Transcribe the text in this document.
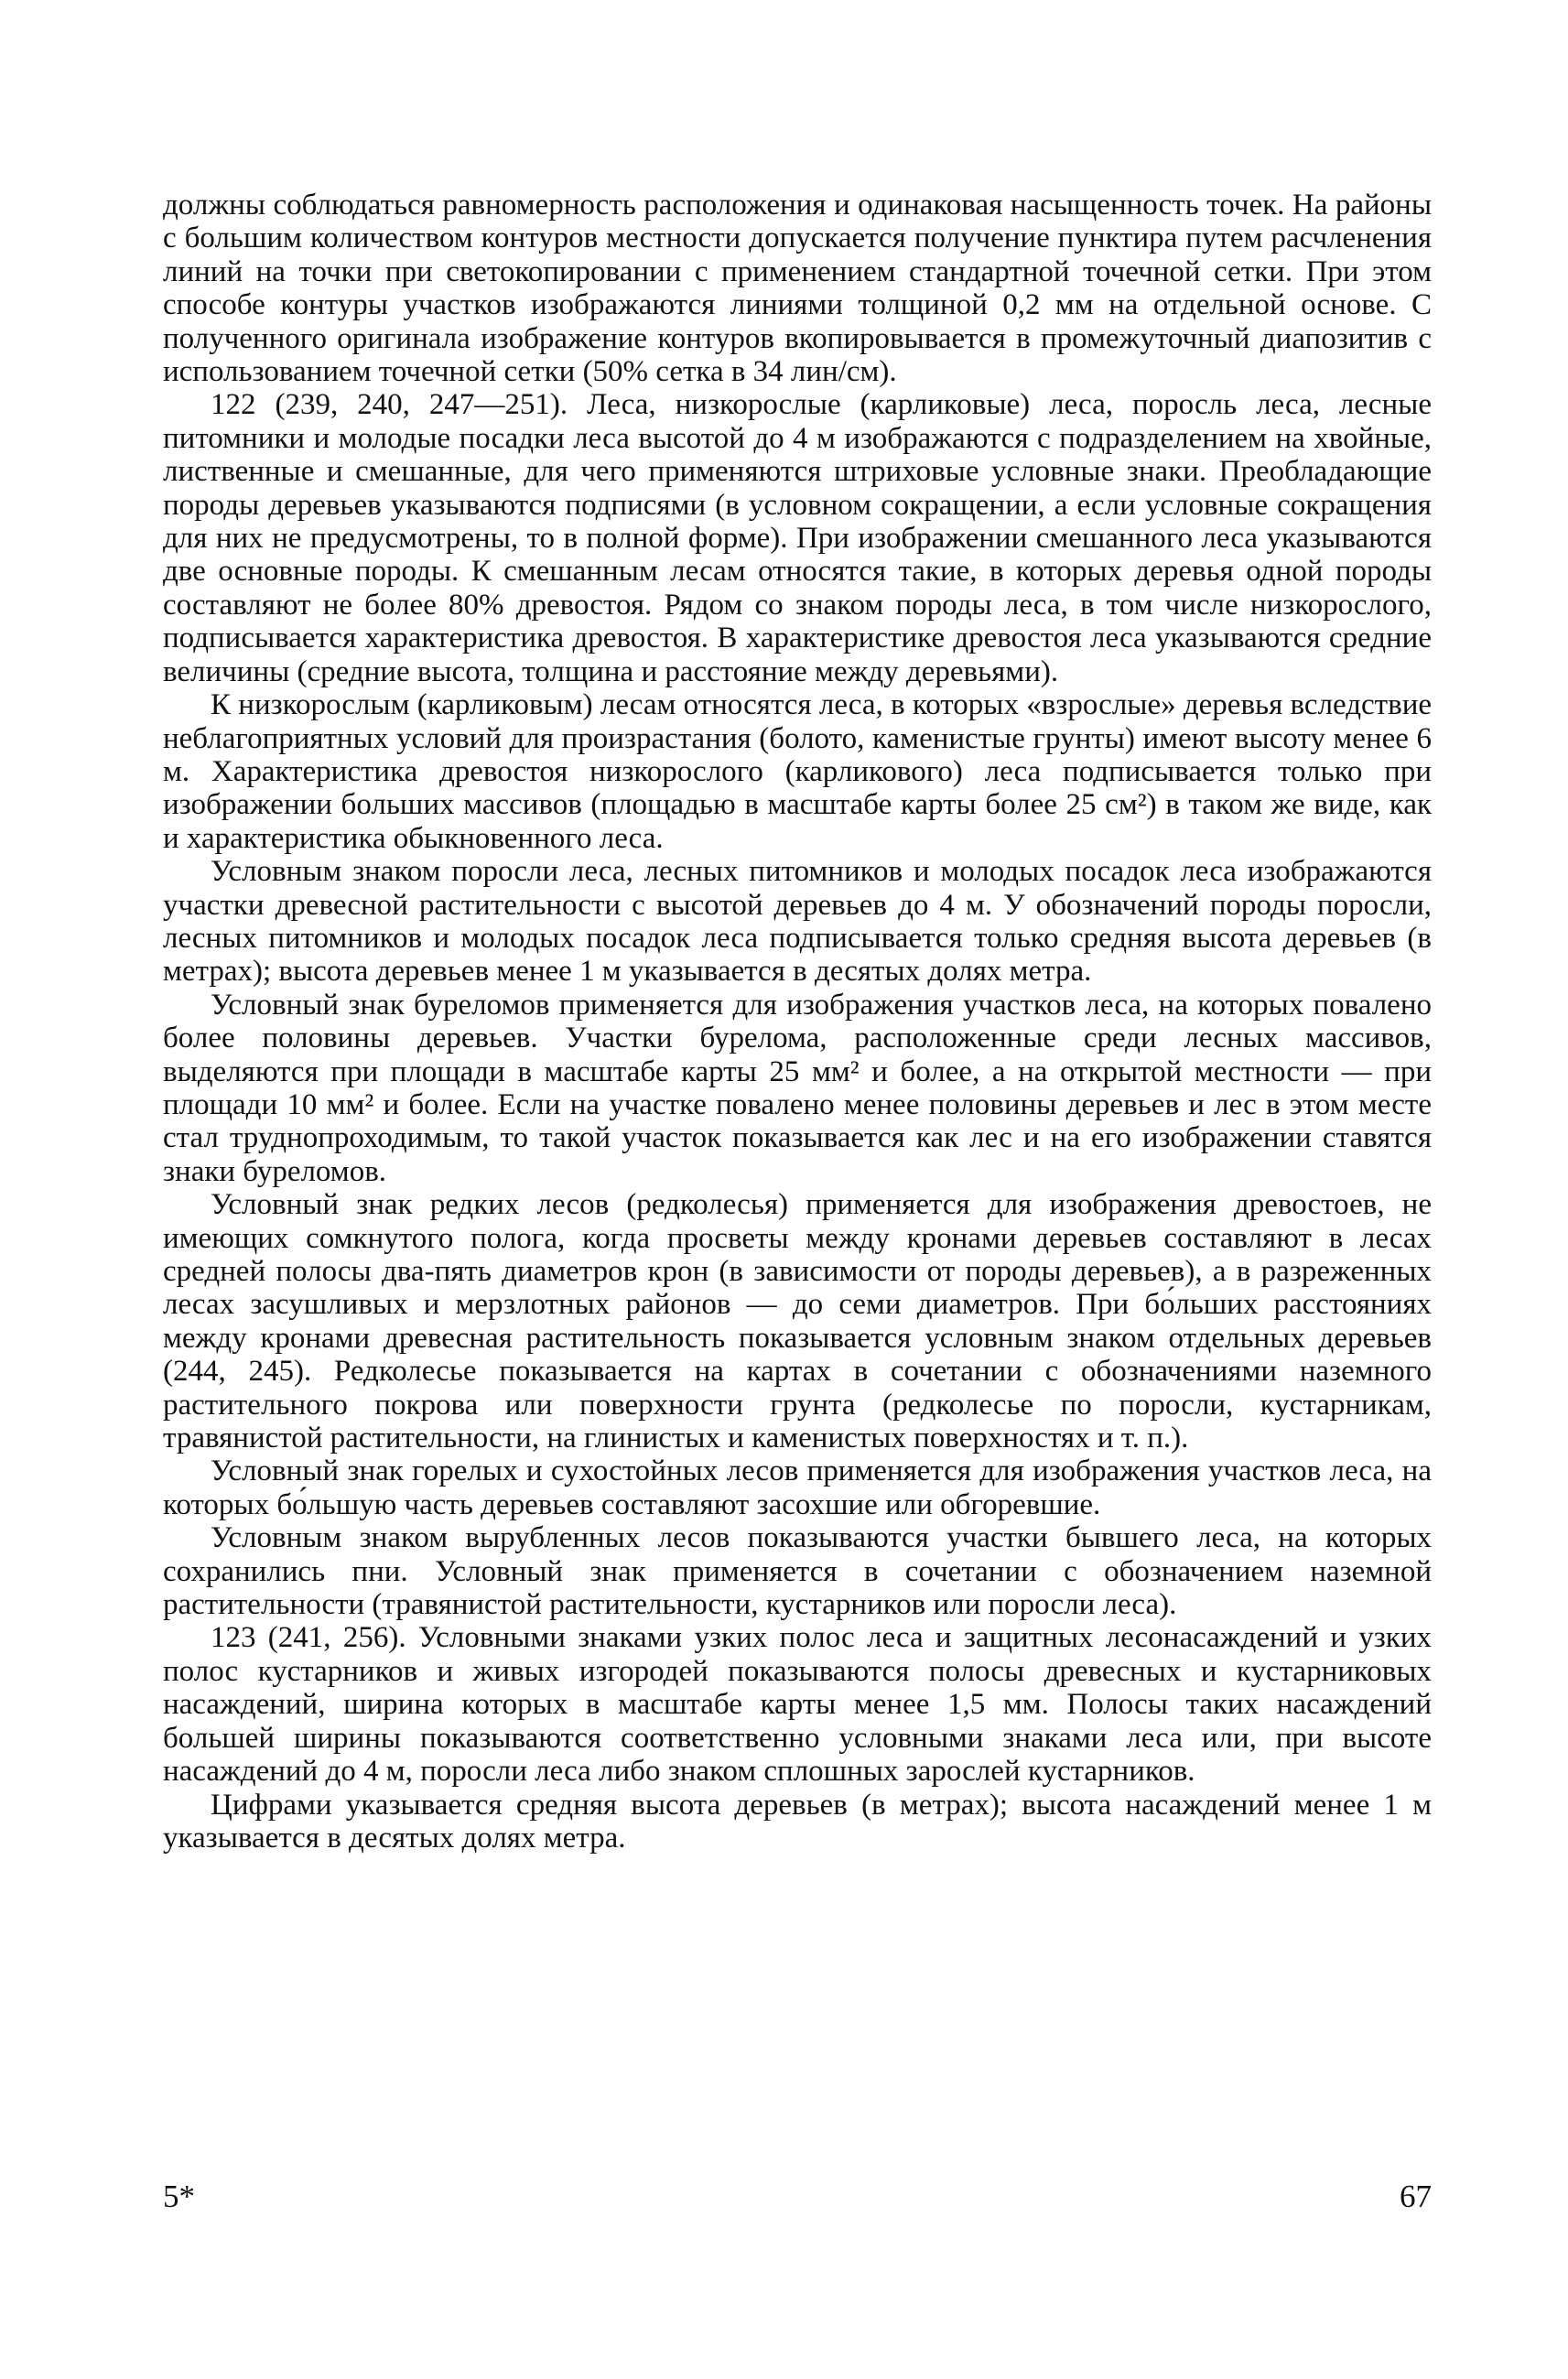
должны соблюдаться равномерность расположения и одинаковая насыщенность точек. На районы с большим количеством контуров местности допускается получение пунктира путем расчленения линий на точки при светокопировании с применением стандартной точечной сетки. При этом способе контуры участков изображаются линиями толщиной 0,2 мм на отдельной основе. С полученного оригинала изображение контуров вкопировывается в промежуточный диапозитив с использованием точечной сетки (50% сетка в 34 лин/см).

122 (239, 240, 247—251). Леса, низкорослые (карликовые) леса, поросль леса, лесные питомники и молодые посадки леса высотой до 4 м изображаются с подразделением на хвойные, лиственные и смешанные, для чего применяются штриховые условные знаки. Преобладающие породы деревьев указываются подписями (в условном сокращении, а если условные сокращения для них не предусмотрены, то в полной форме). При изображении смешанного леса указываются две основные породы. К смешанным лесам относятся такие, в которых деревья одной породы составляют не более 80% древостоя. Рядом со знаком породы леса, в том числе низкорослого, подписывается характеристика древостоя. В характеристике древостоя леса указываются средние величины (средние высота, толщина и расстояние между деревьями).

К низкорослым (карликовым) лесам относятся леса, в которых «взрослые» деревья вследствие неблагоприятных условий для произрастания (болото, каменистые грунты) имеют высоту менее 6 м. Характеристика древостоя низкорослого (карликового) леса подписывается только при изображении больших массивов (площадью в масштабе карты более 25 см²) в таком же виде, как и характеристика обыкновенного леса.

Условным знаком поросли леса, лесных питомников и молодых посадок леса изображаются участки древесной растительности с высотой деревьев до 4 м. У обозначений породы поросли, лесных питомников и молодых посадок леса подписывается только средняя высота деревьев (в метрах); высота деревьев менее 1 м указывается в десятых долях метра.

Условный знак буреломов применяется для изображения участков леса, на которых повалено более половины деревьев. Участки бурелома, расположенные среди лесных массивов, выделяются при площади в масштабе карты 25 мм² и более, а на открытой местности — при площади 10 мм² и более. Если на участке повалено менее половины деревьев и лес в этом месте стал труднопроходимым, то такой участок показывается как лес и на его изображении ставятся знаки буреломов.

Условный знак редких лесов (редколесья) применяется для изображения древостоев, не имеющих сомкнутого полога, когда просветы между кронами деревьев составляют в лесах средней полосы два-пять диаметров крон (в зависимости от породы деревьев), а в разреженных лесах засушливых и мерзлотных районов — до семи диаметров. При бо́льших расстояниях между кронами древесная растительность показывается условным знаком отдельных деревьев (244, 245). Редколесье показывается на картах в сочетании с обозначениями наземного растительного покрова или поверхности грунта (редколесье по поросли, кустарникам, травянистой растительности, на глинистых и каменистых поверхностях и т. п.).

Условный знак горелых и сухостойных лесов применяется для изображения участков леса, на которых бо́льшую часть деревьев составляют засохшие или обгоревшие.

Условным знаком вырубленных лесов показываются участки бывшего леса, на которых сохранились пни. Условный знак применяется в сочетании с обозначением наземной растительности (травянистой растительности, кустарников или поросли леса).

123 (241, 256). Условными знаками узких полос леса и защитных лесонасаждений и узких полос кустарников и живых изгородей показываются полосы древесных и кустарниковых насаждений, ширина которых в масштабе карты менее 1,5 мм. Полосы таких насаждений большей ширины показываются соответственно условными знаками леса или, при высоте насаждений до 4 м, поросли леса либо знаком сплошных зарослей кустарников.

Цифрами указывается средняя высота деревьев (в метрах); высота насаждений менее 1 м указывается в десятых долях метра.

5*	67
